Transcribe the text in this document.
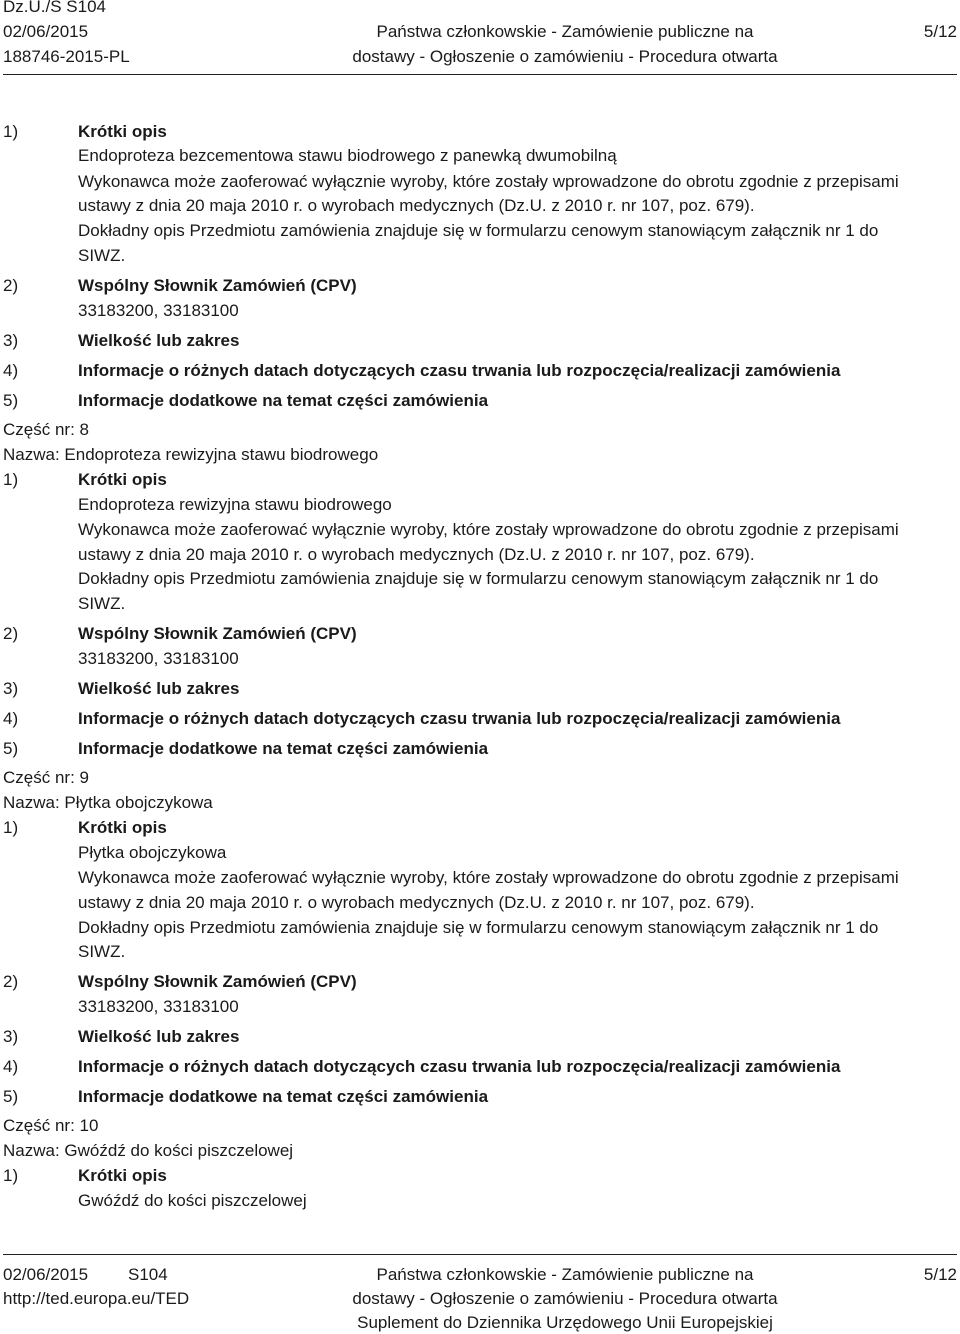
Dz.U./S S104
02/06/2015
188746-2015-PL
Państwa członkowskie - Zamówienie publiczne na
dostawy - Ogłoszenie o zamówieniu - Procedura otwarta
5/12
1)	Krótki opis
Endoproteza bezcementowa stawu biodrowego z panewką dwumobilną
Wykonawca może zaoferować wyłącznie wyroby, które zostały wprowadzone do obrotu zgodnie z przepisami
ustawy z dnia 20 maja 2010 r. o wyrobach medycznych (Dz.U. z 2010 r. nr 107, poz. 679).
Dokładny opis Przedmiotu zamówienia znajduje się w formularzu cenowym stanowiącym załącznik nr 1 do
SIWZ.
2)	Wspólny Słownik Zamówień (CPV)
33183200, 33183100
3)	Wielkość lub zakres
4)	Informacje o różnych datach dotyczących czasu trwania lub rozpoczęcia/realizacji zamówienia
5)	Informacje dodatkowe na temat części zamówienia
Część nr: 8
Nazwa: Endoproteza rewizyjna stawu biodrowego
1)	Krótki opis
Endoproteza rewizyjna stawu biodrowego
Wykonawca może zaoferować wyłącznie wyroby, które zostały wprowadzone do obrotu zgodnie z przepisami
ustawy z dnia 20 maja 2010 r. o wyrobach medycznych (Dz.U. z 2010 r. nr 107, poz. 679).
Dokładny opis Przedmiotu zamówienia znajduje się w formularzu cenowym stanowiącym załącznik nr 1 do
SIWZ.
2)	Wspólny Słownik Zamówień (CPV)
33183200, 33183100
3)	Wielkość lub zakres
4)	Informacje o różnych datach dotyczących czasu trwania lub rozpoczęcia/realizacji zamówienia
5)	Informacje dodatkowe na temat części zamówienia
Część nr: 9
Nazwa: Płytka obojczykowa
1)	Krótki opis
Płytka obojczykowa
Wykonawca może zaoferować wyłącznie wyroby, które zostały wprowadzone do obrotu zgodnie z przepisami
ustawy z dnia 20 maja 2010 r. o wyrobach medycznych (Dz.U. z 2010 r. nr 107, poz. 679).
Dokładny opis Przedmiotu zamówienia znajduje się w formularzu cenowym stanowiącym załącznik nr 1 do
SIWZ.
2)	Wspólny Słownik Zamówień (CPV)
33183200, 33183100
3)	Wielkość lub zakres
4)	Informacje o różnych datach dotyczących czasu trwania lub rozpoczęcia/realizacji zamówienia
5)	Informacje dodatkowe na temat części zamówienia
Część nr: 10
Nazwa: Gwóźdź do kości piszczelowej
1)	Krótki opis
Gwóźdź do kości piszczelowej
02/06/2015 S104
http://ted.europa.eu/TED
Państwa członkowskie - Zamówienie publiczne na
dostawy - Ogłoszenie o zamówieniu - Procedura otwarta
Suplement do Dziennika Urzędowego Unii Europejskiej
5/12
